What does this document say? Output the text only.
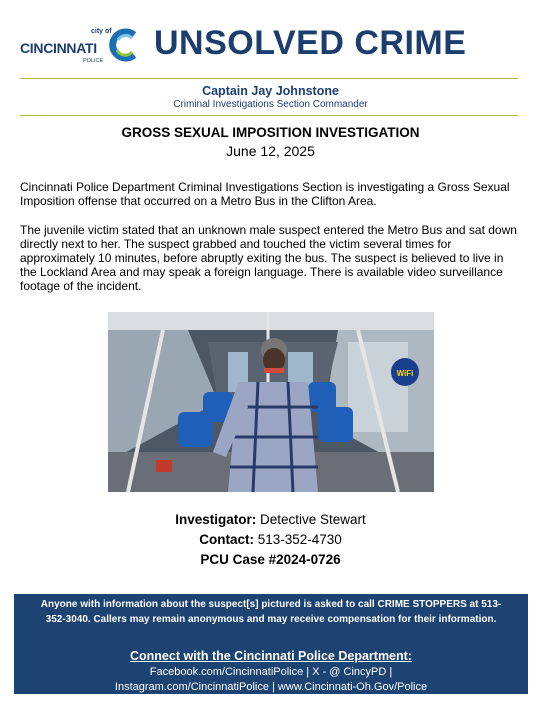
city of
CINCINNATI
POLICE UNSOLVED CRIME
Captain Jay Johnstone
Criminal Investigations Section Commander
GROSS SEXUAL IMPOSITION INVESTIGATION
June 12, 2025

Cincinnati Police Department Criminal Investigations Section is investigating a Gross Sexual Imposition offense that occurred on a Metro Bus in the Clifton Area.

The juvenile victim stated that an unknown male suspect entered the Metro Bus and sat down directly next to her. The suspect grabbed and touched the victim several times for approximately 10 minutes, before abruptly exiting the bus. The suspect is believed to live in the Lockland Area and may speak a foreign language. There is available video surveillance footage of the incident.

WiFi
Investigator: Detective Stewart
Contact: 513-352-4730
PCU Case #2024-0726
Anyone with information about the suspect[s] pictured is asked to call CRIME STOPPERS at 513-352-3040. Callers may remain anonymous and may receive compensation for their information.
Connect with the Cincinnati Police Department:
Facebook.com/CincinnatiPolice | X - @ CincyPD |
Instagram.com/CincinnatiPolice | www.Cincinnati-Oh.Gov/Police
